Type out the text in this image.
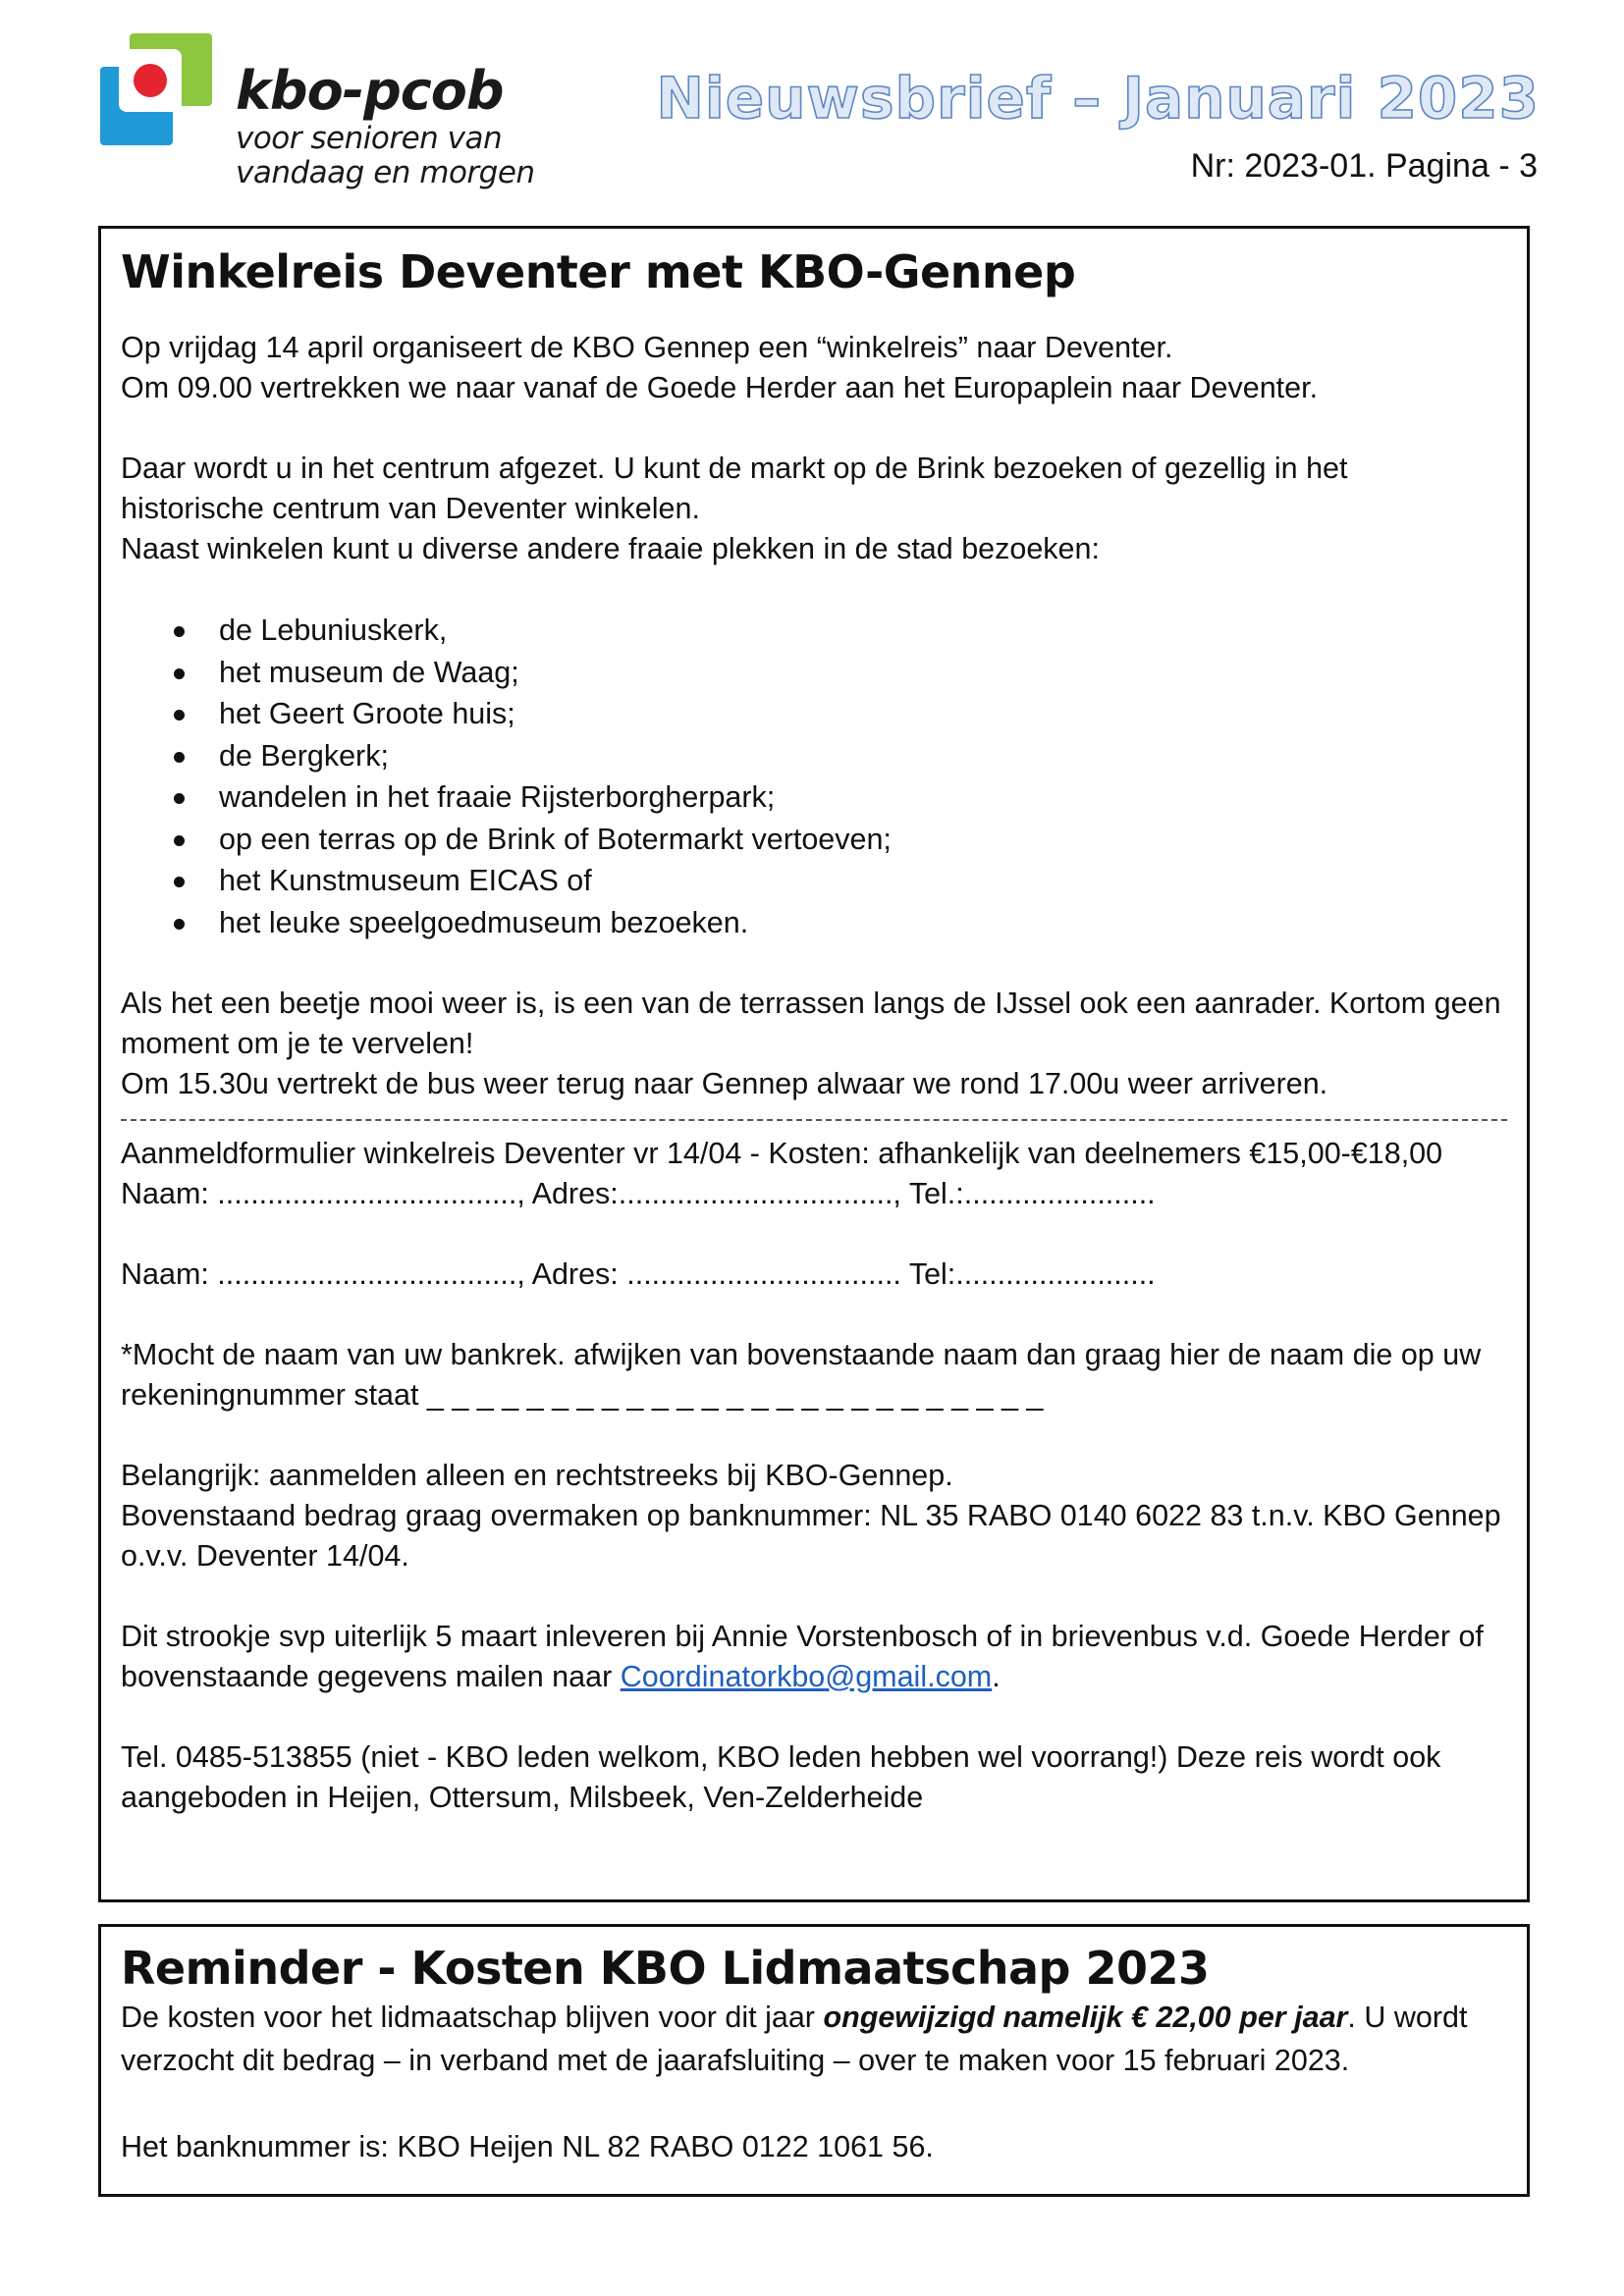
kbo-pcob
voor senioren van
vandaag en morgen
Nieuwsbrief – Januari 2023
Nr: 2023-01. Pagina - 3
Winkelreis Deventer met KBO-Gennep

Op vrijdag 14 april organiseert de KBO Gennep een “winkelreis” naar Deventer.

Om 09.00 vertrekken we naar vanaf de Goede Herder aan het Europaplein naar Deventer.

Daar wordt u in het centrum afgezet. U kunt de markt op de Brink bezoeken of gezellig in het

historische centrum van Deventer winkelen.

Naast winkelen kunt u diverse andere fraaie plekken in de stad bezoeken:

de Lebuniuskerk,
het museum de Waag;
het Geert Groote huis;
de Bergkerk;
wandelen in het fraaie Rijsterborgherpark;
op een terras op de Brink of Botermarkt vertoeven;
het Kunstmuseum EICAS of
het leuke speelgoedmuseum bezoeken.

Als het een beetje mooi weer is, is een van de terrassen langs de IJssel ook een aanrader. Kortom geen

moment om je te vervelen!

Om 15.30u vertrekt de bus weer terug naar Gennep alwaar we rond 17.00u weer arriveren.

Aanmeldformulier winkelreis Deventer vr 14/04 - Kosten: afhankelijk van deelnemers €15,00-€18,00

Naam: ...................................., Adres:................................., Tel.:.......................

Naam: ...................................., Adres: ................................. Tel:........................

*Mocht de naam van uw bankrek. afwijken van bovenstaande naam dan graag hier de naam die op uw

rekeningnummer staat _ _ _ _ _ _ _ _ _ _ _ _ _ _ _ _ _ _ _ _ _ _ _ _ _

Belangrijk: aanmelden alleen en rechtstreeks bij KBO-Gennep.

Bovenstaand bedrag graag overmaken op banknummer: NL 35 RABO 0140 6022 83 t.n.v. KBO Gennep

o.v.v. Deventer 14/04.

Dit strookje svp uiterlijk 5 maart inleveren bij Annie Vorstenbosch of in brievenbus v.d. Goede Herder of

bovenstaande gegevens mailen naar Coordinatorkbo@gmail.com.

Tel. 0485-513855 (niet - KBO leden welkom, KBO leden hebben wel voorrang!) Deze reis wordt ook

aangeboden in Heijen, Ottersum, Milsbeek, Ven-Zelderheide

Reminder - Kosten KBO Lidmaatschap 2023

De kosten voor het lidmaatschap blijven voor dit jaar ongewijzigd namelijk € 22,00 per jaar. U wordt

verzocht dit bedrag – in verband met de jaarafsluiting – over te maken voor 15 februari 2023.

Het banknummer is: KBO Heijen NL 82 RABO 0122 1061 56.
